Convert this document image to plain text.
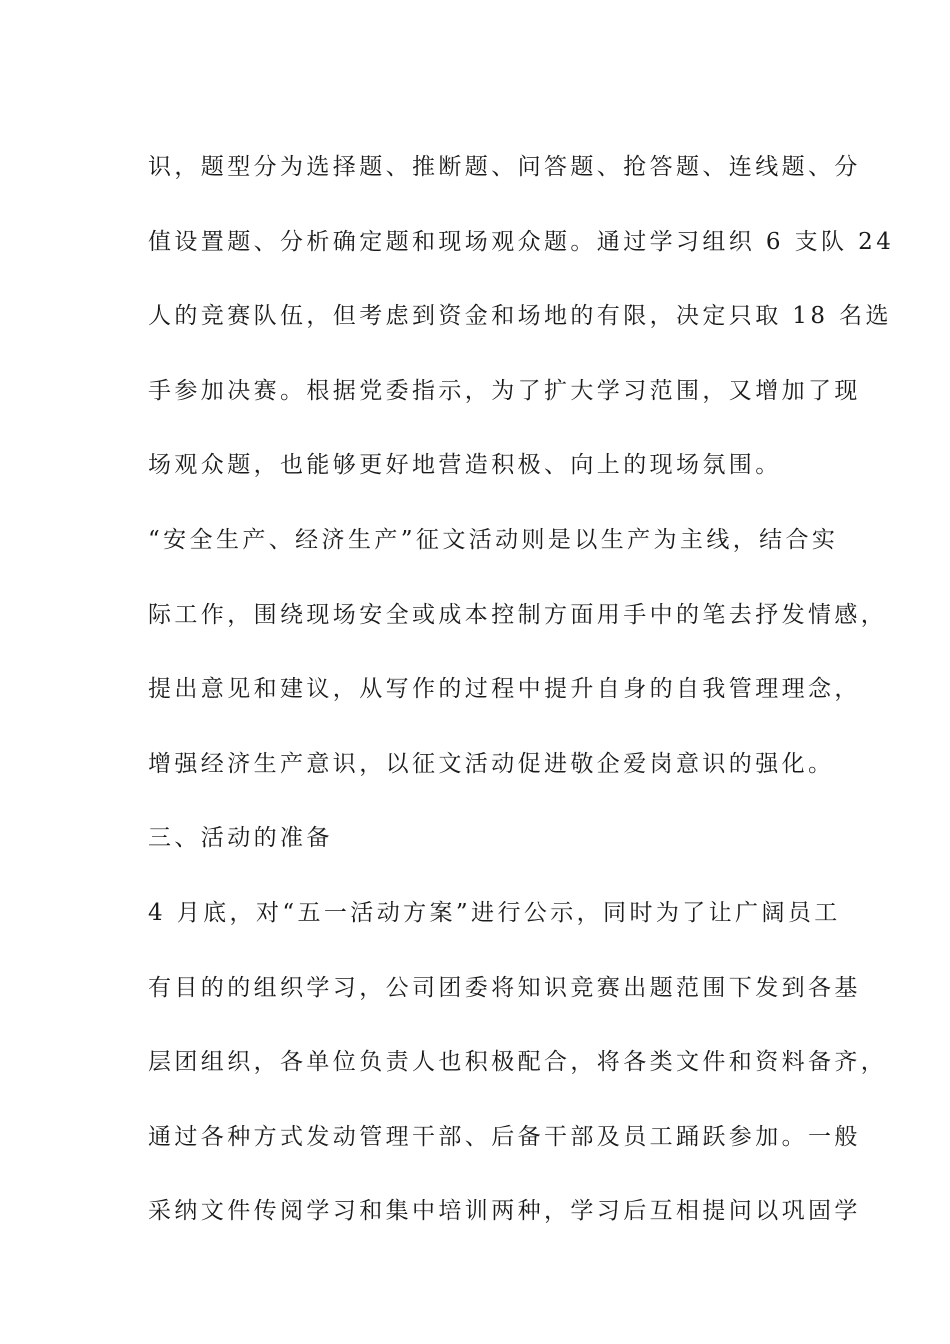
识，题型分为选择题、推断题、问答题、抢答题、连线题、分
值设置题、分析确定题和现场观众题。通过学习组织 6 支队 24
人的竞赛队伍，但考虑到资金和场地的有限，决定只取 18 名选
手参加决赛。根据党委指示，为了扩大学习范围，又增加了现
场观众题，也能够更好地营造积极、向上的现场氛围。
“安全生产、经济生产”征文活动则是以生产为主线，结合实
际工作，围绕现场安全或成本控制方面用手中的笔去抒发情感，
提出意见和建议，从写作的过程中提升自身的自我管理理念，
增强经济生产意识，以征文活动促进敬企爱岗意识的强化。
三、活动的准备
4 月底，对“五一活动方案”进行公示，同时为了让广阔员工
有目的的组织学习，公司团委将知识竞赛出题范围下发到各基
层团组织，各单位负责人也积极配合，将各类文件和资料备齐，
通过各种方式发动管理干部、后备干部及员工踊跃参加。一般
采纳文件传阅学习和集中培训两种，学习后互相提问以巩固学
